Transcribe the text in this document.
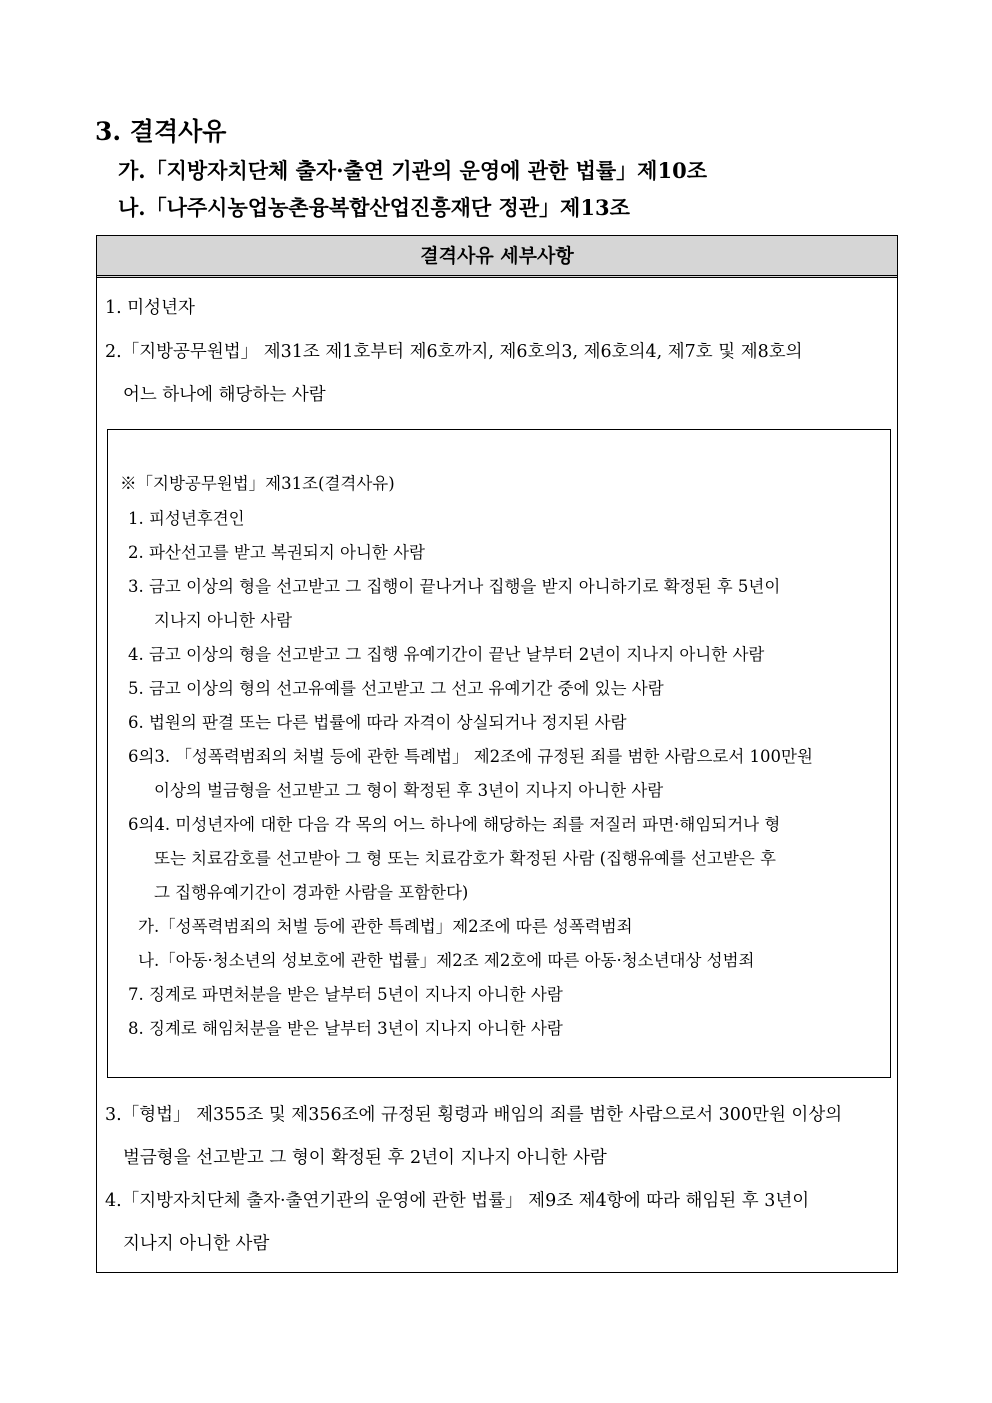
3. 결격사유
가.「지방자치단체 출자·출연 기관의 운영에 관한 법률」제10조
나.「나주시농업농촌융복합산업진흥재단 정관」제13조
결격사유 세부사항
1. 미성년자
2.「지방공무원법」 제31조 제1호부터 제6호까지, 제6호의3, 제6호의4, 제7호 및 제8호의
어느 하나에 해당하는 사람
※「지방공무원법」제31조(결격사유)
1. 피성년후견인
2. 파산선고를 받고 복권되지 아니한 사람
3. 금고 이상의 형을 선고받고 그 집행이 끝나거나 집행을 받지 아니하기로 확정된 후 5년이
지나지 아니한 사람
4. 금고 이상의 형을 선고받고 그 집행 유예기간이 끝난 날부터 2년이 지나지 아니한 사람
5. 금고 이상의 형의 선고유예를 선고받고 그 선고 유예기간 중에 있는 사람
6. 법원의 판결 또는 다른 법률에 따라 자격이 상실되거나 정지된 사람
6의3. 「성폭력범죄의 처벌 등에 관한 특례법」 제2조에 규정된 죄를 범한 사람으로서 100만원
이상의 벌금형을 선고받고 그 형이 확정된 후 3년이 지나지 아니한 사람
6의4. 미성년자에 대한 다음 각 목의 어느 하나에 해당하는 죄를 저질러 파면·해임되거나 형
또는 치료감호를 선고받아 그 형 또는 치료감호가 확정된 사람 (집행유예를 선고받은 후
그 집행유예기간이 경과한 사람을 포함한다)
가.「성폭력범죄의 처벌 등에 관한 특례법」제2조에 따른 성폭력범죄
나.「아동·청소년의 성보호에 관한 법률」제2조 제2호에 따른 아동·청소년대상 성범죄
7. 징계로 파면처분을 받은 날부터 5년이 지나지 아니한 사람
8. 징계로 해임처분을 받은 날부터 3년이 지나지 아니한 사람
3.「형법」 제355조 및 제356조에 규정된 횡령과 배임의 죄를 범한 사람으로서 300만원 이상의
벌금형을 선고받고 그 형이 확정된 후 2년이 지나지 아니한 사람
4.「지방자치단체 출자·출연기관의 운영에 관한 법률」 제9조 제4항에 따라 해임된 후 3년이
지나지 아니한 사람
